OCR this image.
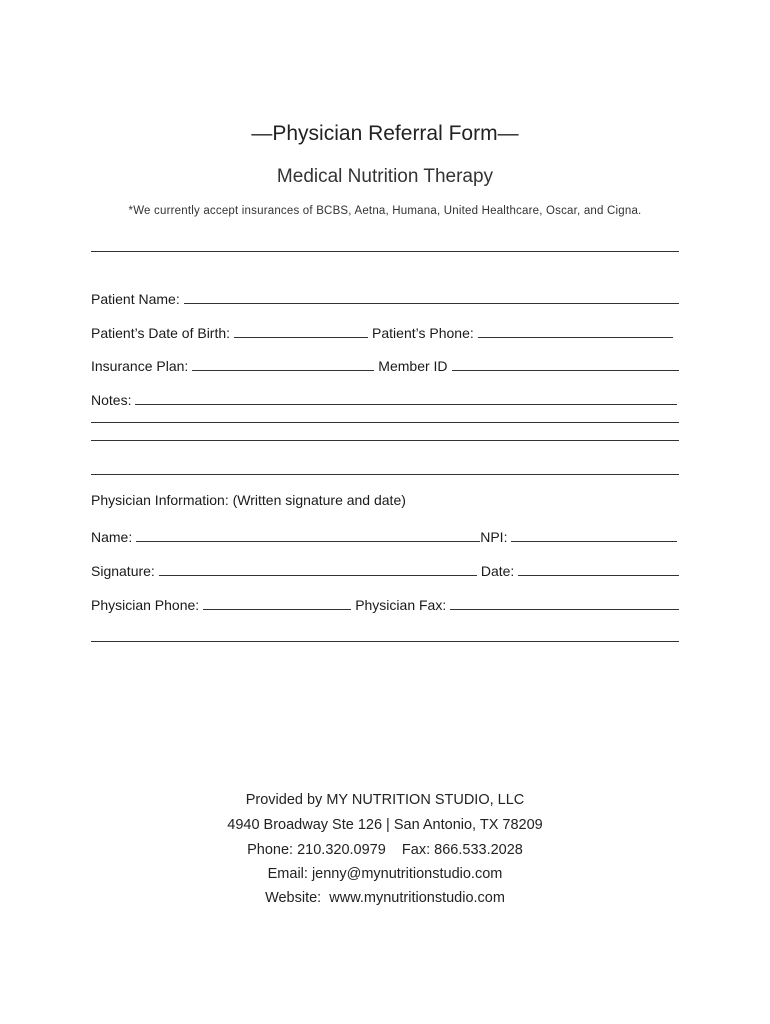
—Physician Referral Form—
Medical Nutrition Therapy
*We currently accept insurances of BCBS, Aetna, Humana, United Healthcare, Oscar, and Cigna.
Patient Name:
Patient’s Date of Birth:	Patient’s Phone:
Insurance Plan:	Member ID
Notes:
Physician Information: (Written signature and date)
Name:	NPI:
Signature:	Date:
Physician Phone:	Physician Fax:
Provided by MY NUTRITION STUDIO, LLC
4940 Broadway Ste 126 | San Antonio, TX 78209
Phone: 210.320.0979    Fax: 866.533.2028
Email: jenny@mynutritionstudio.com
Website:  www.mynutritionstudio.com
